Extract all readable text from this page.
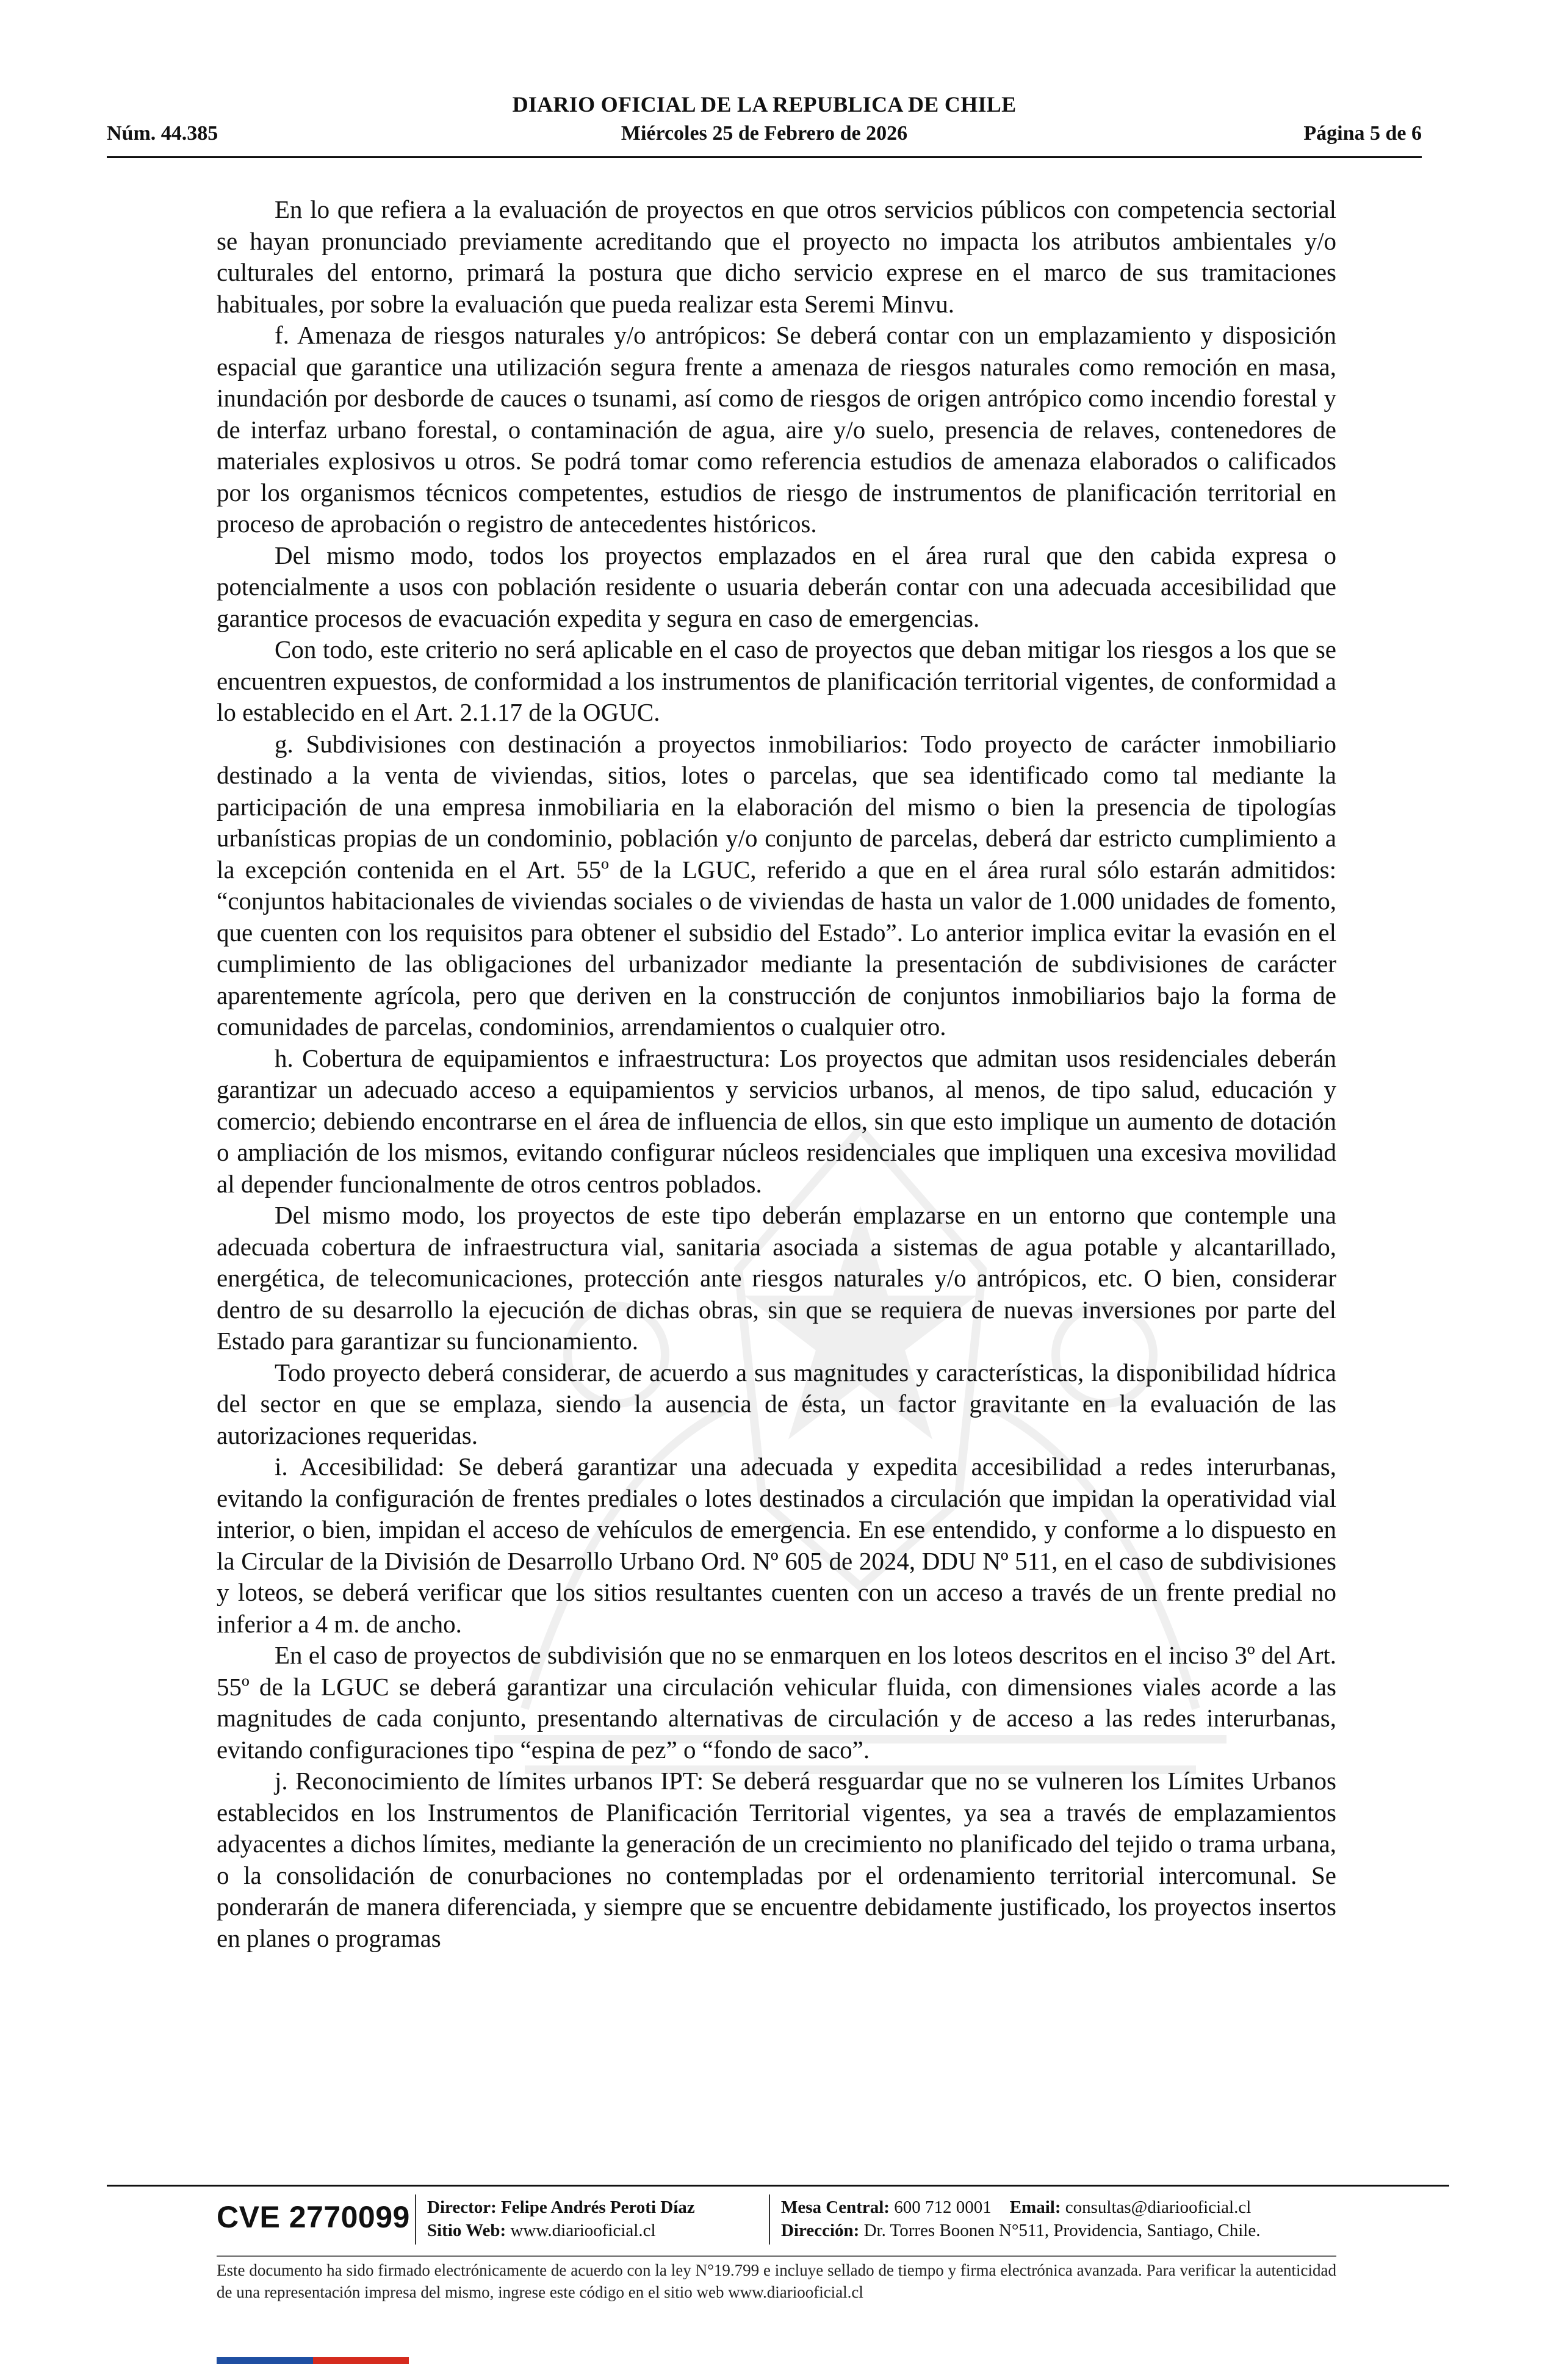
DIARIO OFICIAL DE LA REPUBLICA DE CHILE
Núm. 44.385	Miércoles 25 de Febrero de 2026	Página 5 de 6

En lo que refiera a la evaluación de proyectos en que otros servicios públicos con competencia sectorial se hayan pronunciado previamente acreditando que el proyecto no impacta los atributos ambientales y/o culturales del entorno, primará la postura que dicho servicio exprese en el marco de sus tramitaciones habituales, por sobre la evaluación que pueda realizar esta Seremi Minvu.

f. Amenaza de riesgos naturales y/o antrópicos: Se deberá contar con un emplazamiento y disposición espacial que garantice una utilización segura frente a amenaza de riesgos naturales como remoción en masa, inundación por desborde de cauces o tsunami, así como de riesgos de origen antrópico como incendio forestal y de interfaz urbano forestal, o contaminación de agua, aire y/o suelo, presencia de relaves, contenedores de materiales explosivos u otros. Se podrá tomar como referencia estudios de amenaza elaborados o calificados por los organismos técnicos competentes, estudios de riesgo de instrumentos de planificación territorial en proceso de aprobación o registro de antecedentes históricos.

Del mismo modo, todos los proyectos emplazados en el área rural que den cabida expresa o potencialmente a usos con población residente o usuaria deberán contar con una adecuada accesibilidad que garantice procesos de evacuación expedita y segura en caso de emergencias.

Con todo, este criterio no será aplicable en el caso de proyectos que deban mitigar los riesgos a los que se encuentren expuestos, de conformidad a los instrumentos de planificación territorial vigentes, de conformidad a lo establecido en el Art. 2.1.17 de la OGUC.

g. Subdivisiones con destinación a proyectos inmobiliarios: Todo proyecto de carácter inmobiliario destinado a la venta de viviendas, sitios, lotes o parcelas, que sea identificado como tal mediante la participación de una empresa inmobiliaria en la elaboración del mismo o bien la presencia de tipologías urbanísticas propias de un condominio, población y/o conjunto de parcelas, deberá dar estricto cumplimiento a la excepción contenida en el Art. 55º de la LGUC, referido a que en el área rural sólo estarán admitidos: “conjuntos habitacionales de viviendas sociales o de viviendas de hasta un valor de 1.000 unidades de fomento, que cuenten con los requisitos para obtener el subsidio del Estado”. Lo anterior implica evitar la evasión en el cumplimiento de las obligaciones del urbanizador mediante la presentación de subdivisiones de carácter aparentemente agrícola, pero que deriven en la construcción de conjuntos inmobiliarios bajo la forma de comunidades de parcelas, condominios, arrendamientos o cualquier otro.

h. Cobertura de equipamientos e infraestructura: Los proyectos que admitan usos residenciales deberán garantizar un adecuado acceso a equipamientos y servicios urbanos, al menos, de tipo salud, educación y comercio; debiendo encontrarse en el área de influencia de ellos, sin que esto implique un aumento de dotación o ampliación de los mismos, evitando configurar núcleos residenciales que impliquen una excesiva movilidad al depender funcionalmente de otros centros poblados.

Del mismo modo, los proyectos de este tipo deberán emplazarse en un entorno que contemple una adecuada cobertura de infraestructura vial, sanitaria asociada a sistemas de agua potable y alcantarillado, energética, de telecomunicaciones, protección ante riesgos naturales y/o antrópicos, etc. O bien, considerar dentro de su desarrollo la ejecución de dichas obras, sin que se requiera de nuevas inversiones por parte del Estado para garantizar su funcionamiento.

Todo proyecto deberá considerar, de acuerdo a sus magnitudes y características, la disponibilidad hídrica del sector en que se emplaza, siendo la ausencia de ésta, un factor gravitante en la evaluación de las autorizaciones requeridas.

i. Accesibilidad: Se deberá garantizar una adecuada y expedita accesibilidad a redes interurbanas, evitando la configuración de frentes prediales o lotes destinados a circulación que impidan la operatividad vial interior, o bien, impidan el acceso de vehículos de emergencia. En ese entendido, y conforme a lo dispuesto en la Circular de la División de Desarrollo Urbano Ord. Nº 605 de 2024, DDU Nº 511, en el caso de subdivisiones y loteos, se deberá verificar que los sitios resultantes cuenten con un acceso a través de un frente predial no inferior a 4 m. de ancho.

En el caso de proyectos de subdivisión que no se enmarquen en los loteos descritos en el inciso 3º del Art. 55º de la LGUC se deberá garantizar una circulación vehicular fluida, con dimensiones viales acorde a las magnitudes de cada conjunto, presentando alternativas de circulación y de acceso a las redes interurbanas, evitando configuraciones tipo “espina de pez” o “fondo de saco”.

j. Reconocimiento de límites urbanos IPT: Se deberá resguardar que no se vulneren los Límites Urbanos establecidos en los Instrumentos de Planificación Territorial vigentes, ya sea a través de emplazamientos adyacentes a dichos límites, mediante la generación de un crecimiento no planificado del tejido o trama urbana, o la consolidación de conurbaciones no contempladas por el ordenamiento territorial intercomunal. Se ponderarán de manera diferenciada, y siempre que se encuentre debidamente justificado, los proyectos insertos en planes o programas

CVE 2770099 Director: Felipe Andrés Peroti Díaz
Sitio Web: www.diariooficial.cl
Mesa Central: 600 712 0001 Email: consultas@diariooficial.cl
Dirección: Dr. Torres Boonen N°511, Providencia, Santiago, Chile.
Este documento ha sido firmado electrónicamente de acuerdo con la ley N°19.799 e incluye sellado de tiempo y firma electrónica avanzada. Para verificar la autenticidad de una representación impresa del mismo, ingrese este código en el sitio web www.diariooficial.cl
